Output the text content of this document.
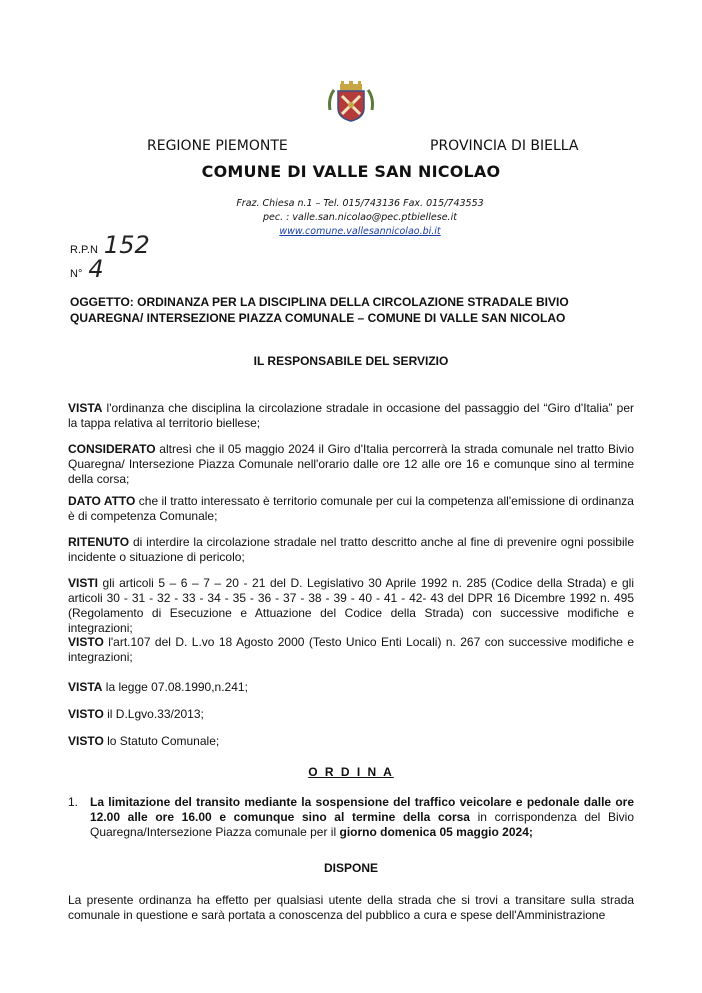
REGIONE PIEMONTE	PROVINCIA DI BIELLA
COMUNE DI VALLE SAN NICOLAO
Fraz. Chiesa n.1 – Tel. 015/743136 Fax. 015/743553
pec. : valle.san.nicolao@pec.ptbiellese.it
www.comune.vallesannicolao.bi.it
R.P.N 152
N° 4
OGGETTO: ORDINANZA PER LA DISCIPLINA DELLA CIRCOLAZIONE STRADALE BIVIO QUAREGNA/ INTERSEZIONE PIAZZA COMUNALE – COMUNE DI VALLE SAN NICOLAO
IL RESPONSABILE DEL SERVIZIO
VISTA l'ordinanza che disciplina la circolazione stradale in occasione del passaggio del “Giro d'Italia” per la tappa relativa al territorio biellese;
CONSIDERATO altresì che il 05 maggio 2024 il Giro d'Italia percorrerà la strada comunale nel tratto Bivio Quaregna/ Intersezione Piazza Comunale nell'orario dalle ore 12 alle ore 16 e comunque sino al termine della corsa;
DATO ATTO che il tratto interessato è territorio comunale per cui la competenza all'emissione di ordinanza è di competenza Comunale;
RITENUTO di interdire la circolazione stradale nel tratto descritto anche al fine di prevenire ogni possibile incidente o situazione di pericolo;
VISTI gli articoli 5 – 6 – 7 – 20 - 21 del D. Legislativo 30 Aprile 1992 n. 285 (Codice della Strada) e gli articoli 30 - 31 - 32 - 33 - 34 - 35 - 36 - 37 - 38 - 39 - 40 - 41 - 42- 43 del DPR 16 Dicembre 1992 n. 495 (Regolamento di Esecuzione e Attuazione del Codice della Strada) con successive modifiche e integrazioni;
VISTO l'art.107 del D. L.vo 18 Agosto 2000 (Testo Unico Enti Locali) n. 267 con successive modifiche e integrazioni;
VISTA la legge 07.08.1990,n.241;
VISTO il D.Lgvo.33/2013;
VISTO lo Statuto Comunale;
O R D I N A
1. La limitazione del transito mediante la sospensione del traffico veicolare e pedonale dalle ore 12.00 alle ore 16.00 e comunque sino al termine della corsa in corrispondenza del Bivio Quaregna/Intersezione Piazza comunale per il giorno domenica 05 maggio 2024;
DISPONE
La presente ordinanza ha effetto per qualsiasi utente della strada che si trovi a transitare sulla strada comunale in questione e sarà portata a conoscenza del pubblico a cura e spese dell'Amministrazione
